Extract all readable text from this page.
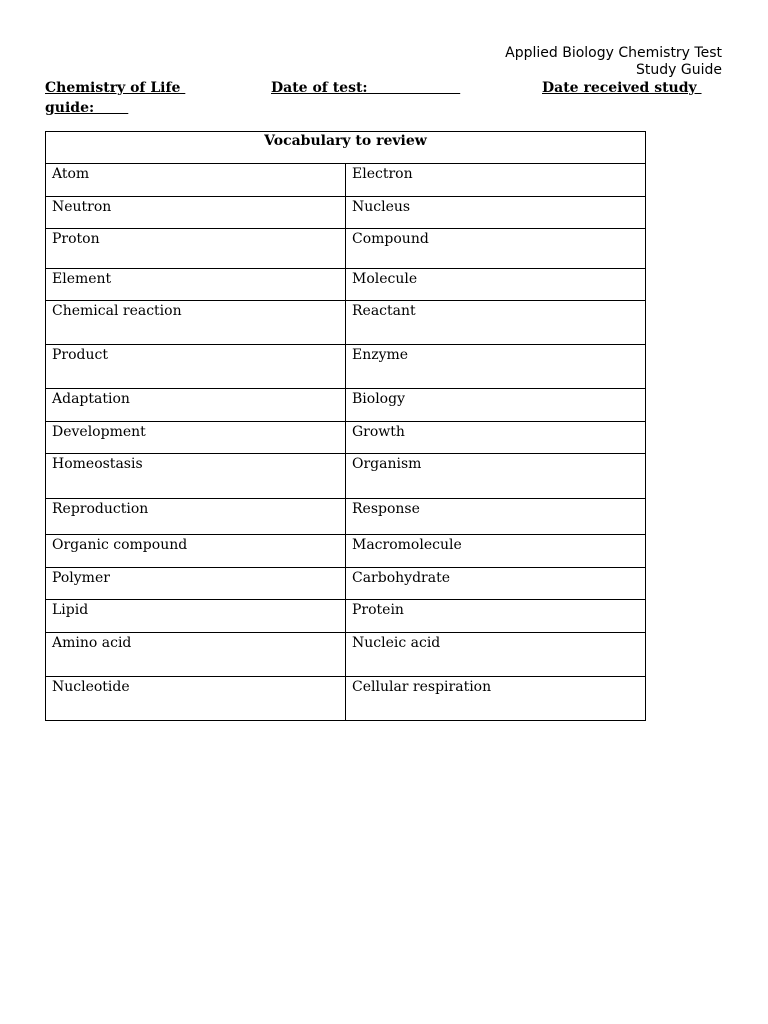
Applied Biology Chemistry Test
Study Guide
Chemistry of Life	Date of test:	Date received study
guide:
Vocabulary to review	
Atom	Electron
Neutron	Nucleus
Proton	Compound
Element	Molecule
Chemical reaction	Reactant
Product	Enzyme
Adaptation	Biology
Development	Growth
Homeostasis	Organism
Reproduction	Response
Organic compound	Macromolecule
Polymer	Carbohydrate
Lipid	Protein
Amino acid	Nucleic acid
Nucleotide	Cellular respiration
